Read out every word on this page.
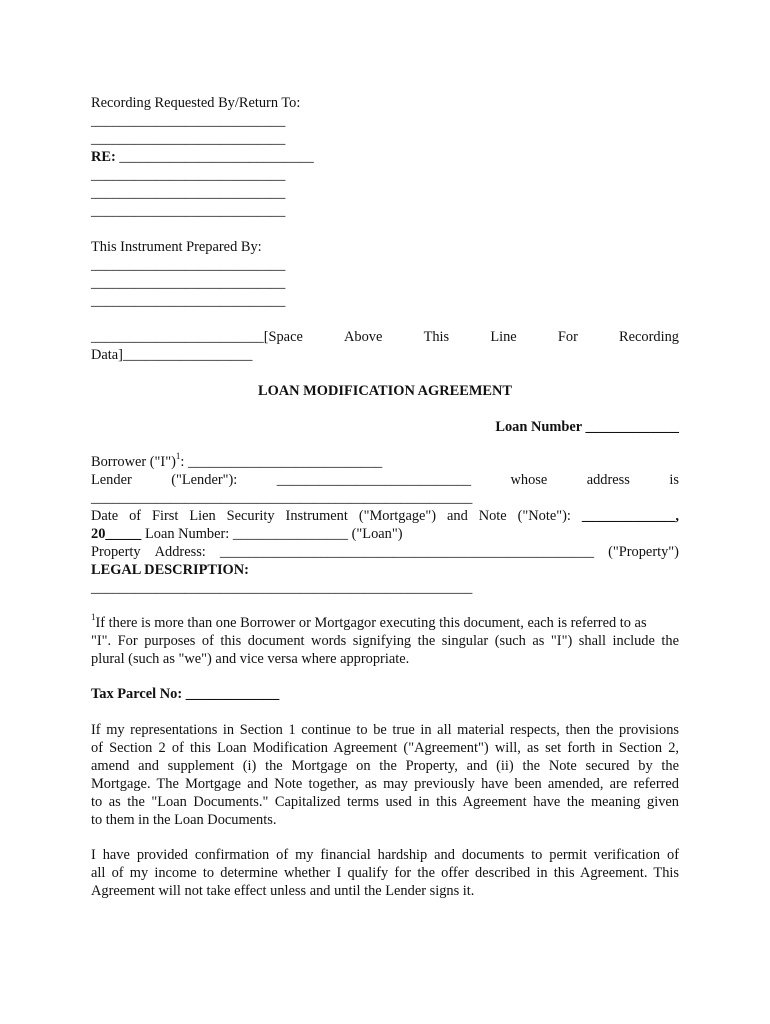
Recording Requested By/Return To:
___________________________
___________________________
RE: ___________________________
___________________________
___________________________
___________________________
This Instrument Prepared By:
___________________________
___________________________
___________________________
________________________[Space	Above	This	Line	For	Recording
Data]__________________
LOAN MODIFICATION AGREEMENT
Loan Number _____________
Borrower ("I")$^1$: ___________________________
Lender	("Lender"):	___________________________	whose	address	is
_____________________________________________________
Date of First Lien Security Instrument ("Mortgage") and Note ("Note"): _____________,
20_____ Loan Number: ________________ ("Loan")
Property Address: ____________________________________________________ ("Property")
LEGAL DESCRIPTION:
_____________________________________________________
$^1$If there is more than one Borrower or Mortgagor executing this document, each is referred to as
"I". For purposes of this document words signifying the singular (such as "I") shall include the
plural (such as "we") and vice versa where appropriate.
Tax Parcel No: _____________
If my representations in Section 1 continue to be true in all material respects, then the provisions
of Section 2 of this Loan Modification Agreement ("Agreement") will, as set forth in Section 2,
amend and supplement (i) the Mortgage on the Property, and (ii) the Note secured by the
Mortgage. The Mortgage and Note together, as may previously have been amended, are referred
to as the "Loan Documents." Capitalized terms used in this Agreement have the meaning given
to them in the Loan Documents.
I have provided confirmation of my financial hardship and documents to permit verification of
all of my income to determine whether I qualify for the offer described in this Agreement. This
Agreement will not take effect unless and until the Lender signs it.
